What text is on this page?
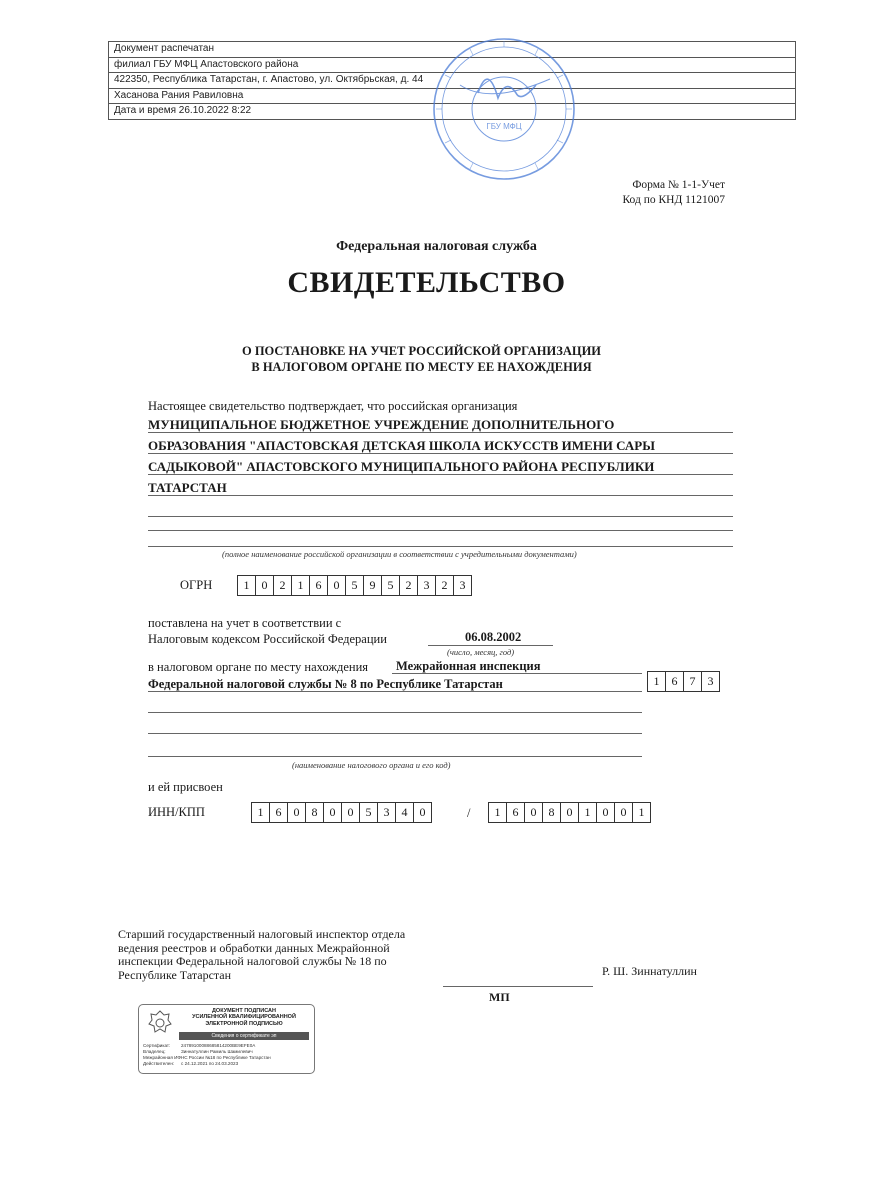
Документ распечатан
филиал ГБУ МФЦ Апастовского района
422350, Республика Татарстан, г. Апастово, ул. Октябрьская, д. 44
Хасанова Рания Равиловна
Дата и время 26.10.2022 8:22
ГБУ МФЦ
Форма № 1-1-Учет
Код по КНД 1121007
Федеральная налоговая служба
СВИДЕТЕЛЬСТВО
О ПОСТАНОВКЕ НА УЧЕТ РОССИЙСКОЙ ОРГАНИЗАЦИИ
В НАЛОГОВОМ ОРГАНЕ ПО МЕСТУ ЕЕ НАХОЖДЕНИЯ
Настоящее свидетельство подтверждает, что российская организация
МУНИЦИПАЛЬНОЕ БЮДЖЕТНОЕ УЧРЕЖДЕНИЕ ДОПОЛНИТЕЛЬНОГО
ОБРАЗОВАНИЯ "АПАСТОВСКАЯ ДЕТСКАЯ ШКОЛА ИСКУССТВ ИМЕНИ САРЫ
САДЫКОВОЙ" АПАСТОВСКОГО МУНИЦИПАЛЬНОГО РАЙОНА РЕСПУБЛИКИ
ТАТАРСТАН
(полное наименование российской организации в соответствии с учредительными документами)
ОГРН	1	0	2	1	6	0	5	9	5	2	3	2	3
поставлена на учет в соответствии с
Налоговым кодексом Российской Федерации	06.08.2002
(число, месяц, год)
в налоговом органе по месту нахождения Межрайонная инспекция
Федеральной налоговой службы № 8 по Республике Татарстан	1	6	7	3
(наименование налогового органа и его код)
и ей присвоен
ИНН/КПП	1	6	0	8	0	0	5	3	4	0	/	1	6	0	8	0	1	0	0	1
Старший государственный налоговый инспектор отдела
ведения реестров и обработки данных Межрайонной
инспекции Федеральной налоговой службы № 18 по
Республике Татарстан	Р. Ш. Зиннатуллин
МП
ДОКУМЕНТ ПОДПИСАН
УСИЛЕННОЙ КВАЛИФИЦИРОВАННОЙ
ЭЛЕКТРОННОЙ ПОДПИСЬЮ
Сведения о сертификате эп
Сертификат:	24789100088685814200BE9EFE0A
Владелец:	Зиннатуллин Рамиль Шамилевич
Межрайонная ИФНС России №18 по Республике Татарстан
Действителен:	с 24.12.2021 по 24.03.2023
